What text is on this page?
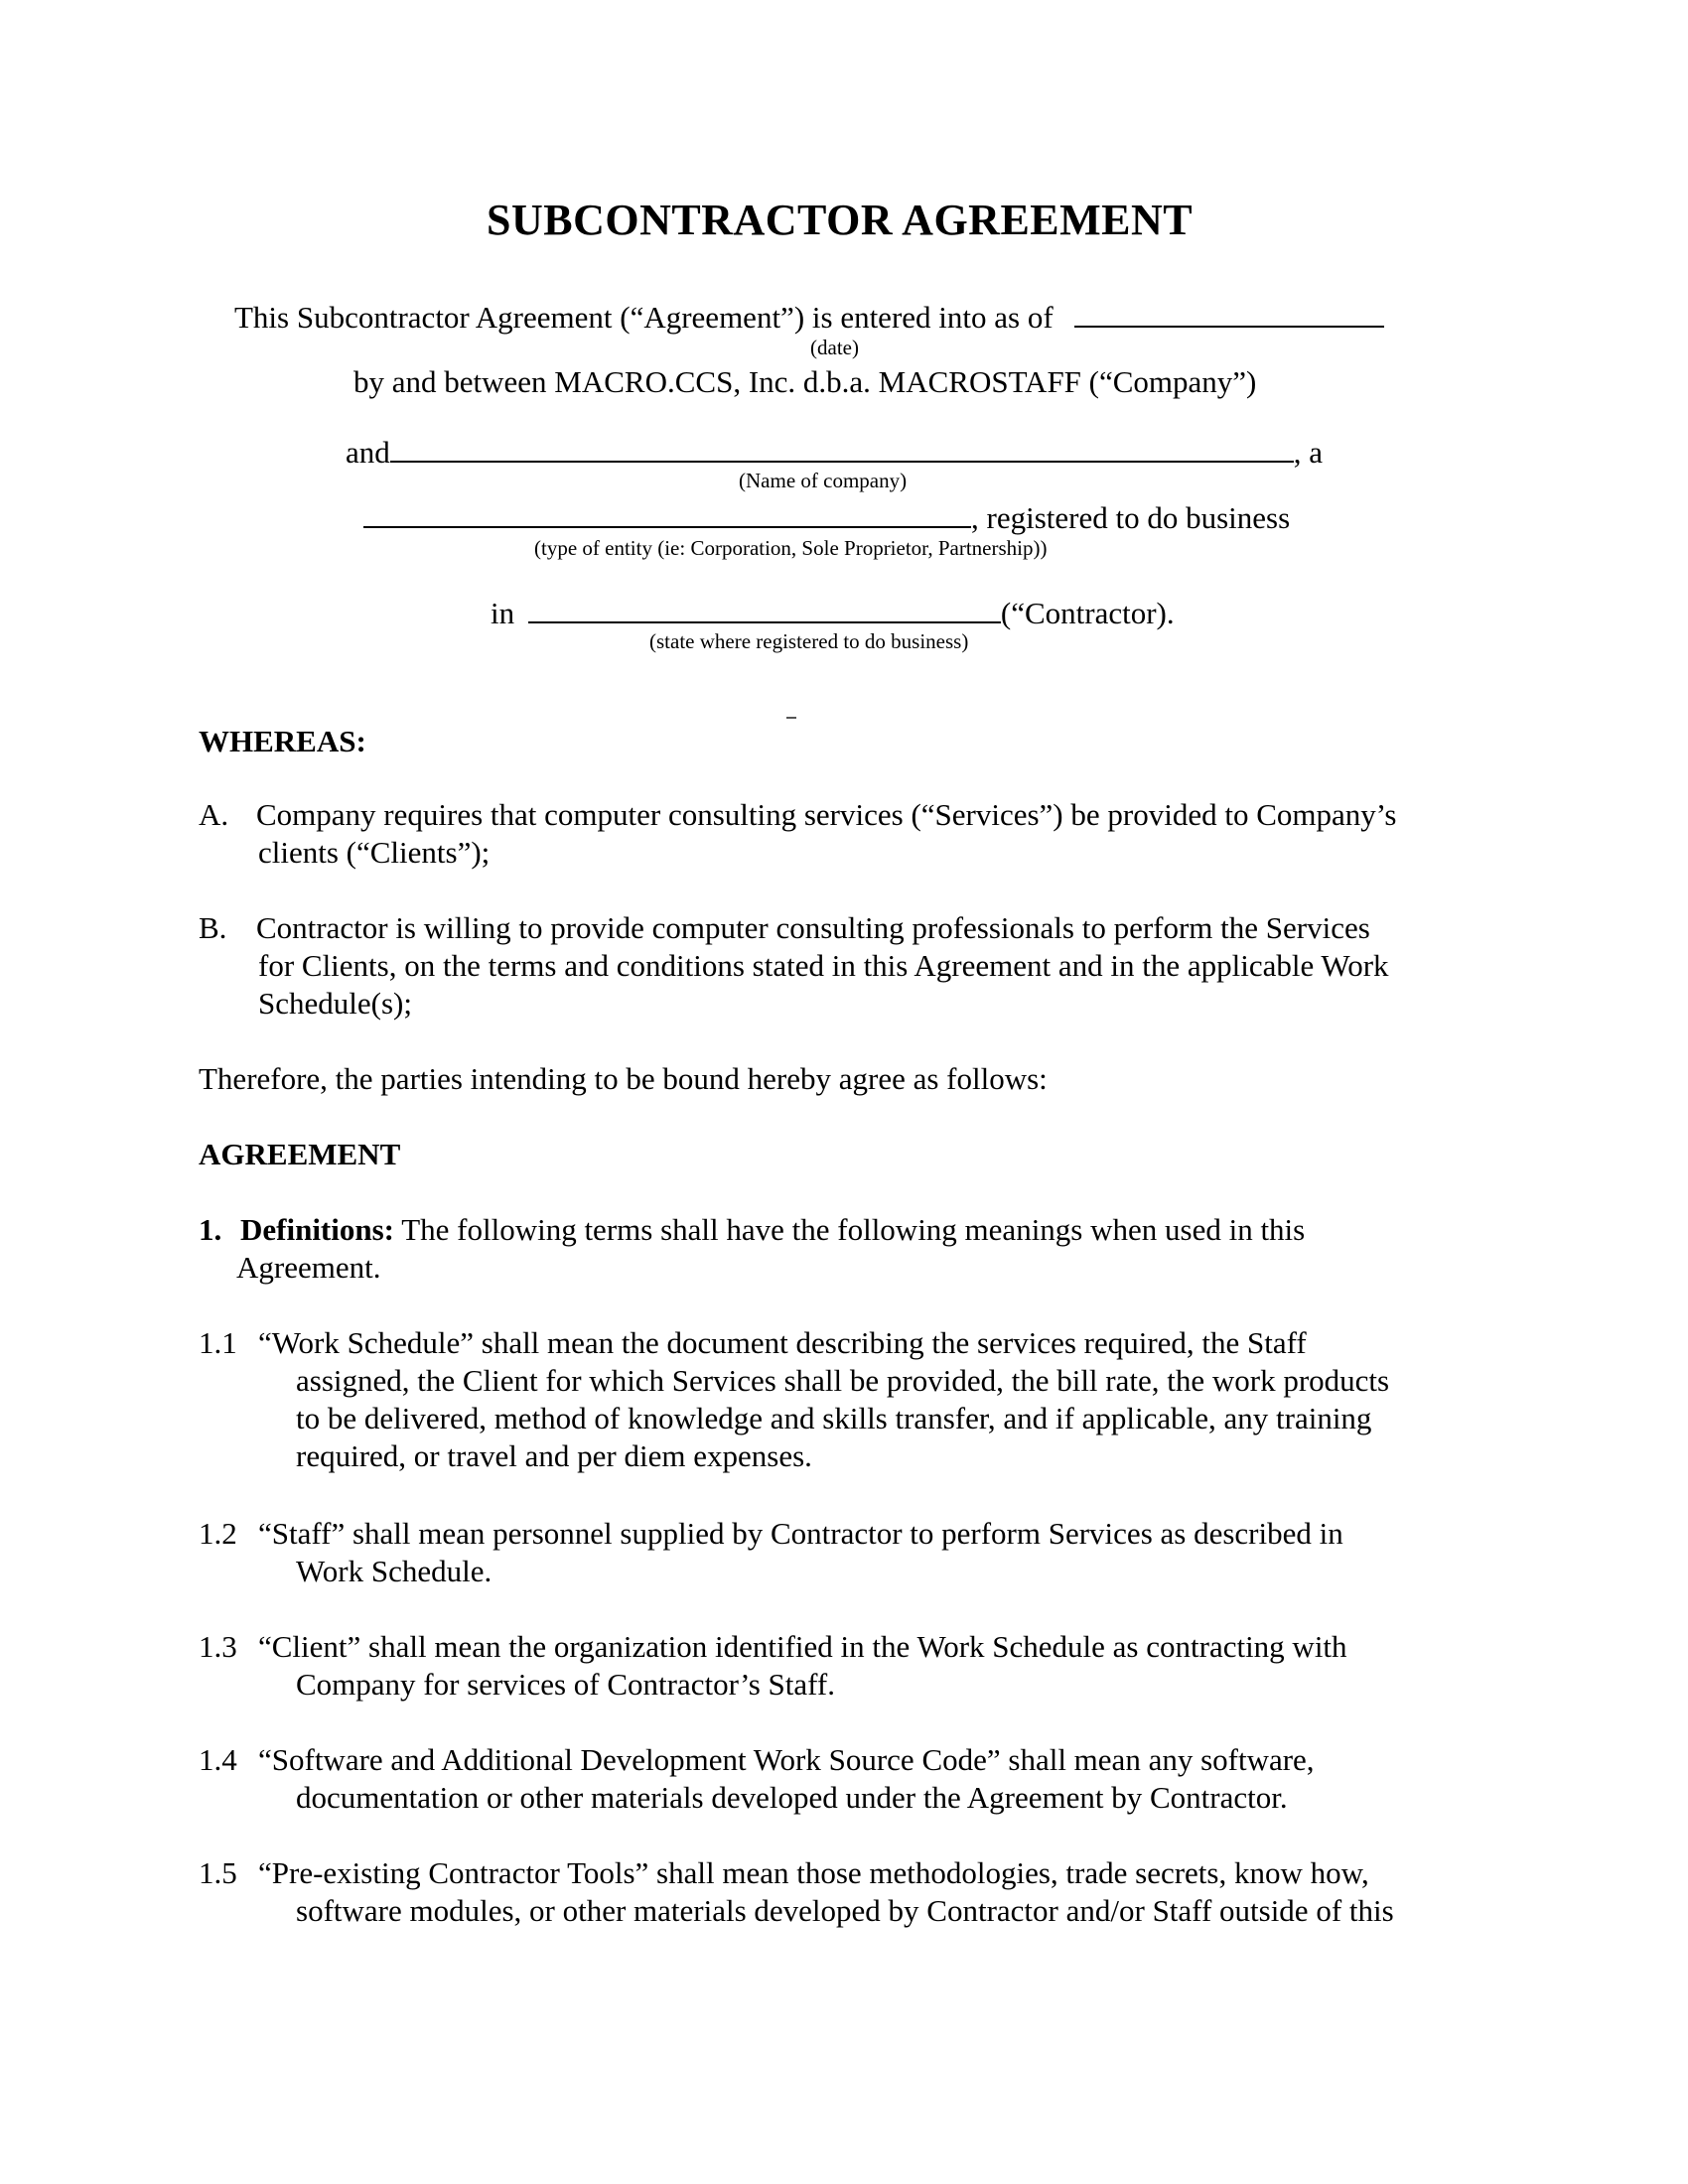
SUBCONTRACTOR AGREEMENT
This Subcontractor Agreement (“Agreement”) is entered into as of
(date)
by and between MACRO.CCS, Inc. d.b.a. MACROSTAFF (“Company”)
and	, a
(Name of company)
, registered to do business
(type of entity (ie: Corporation, Sole Proprietor, Partnership))
in	(“Contractor).
(state where registered to do business)
WHEREAS:
A. Company requires that computer consulting services (“Services”) be provided to Company’s
clients (“Clients”);
B. Contractor is willing to provide computer consulting professionals to perform the Services
for Clients, on the terms and conditions stated in this Agreement and in the applicable Work
Schedule(s);
Therefore, the parties intending to be bound hereby agree as follows:
AGREEMENT
1. Definitions: The following terms shall have the following meanings when used in this
Agreement.
1.1 “Work Schedule” shall mean the document describing the services required, the Staff
assigned, the Client for which Services shall be provided, the bill rate, the work products
to be delivered, method of knowledge and skills transfer, and if applicable, any training
required, or travel and per diem expenses.
1.2 “Staff” shall mean personnel supplied by Contractor to perform Services as described in
Work Schedule.
1.3 “Client” shall mean the organization identified in the Work Schedule as contracting with
Company for services of Contractor’s Staff.
1.4 “Software and Additional Development Work Source Code” shall mean any software,
documentation or other materials developed under the Agreement by Contractor.
1.5 “Pre-existing Contractor Tools” shall mean those methodologies, trade secrets, know how,
software modules, or other materials developed by Contractor and/or Staff outside of this
